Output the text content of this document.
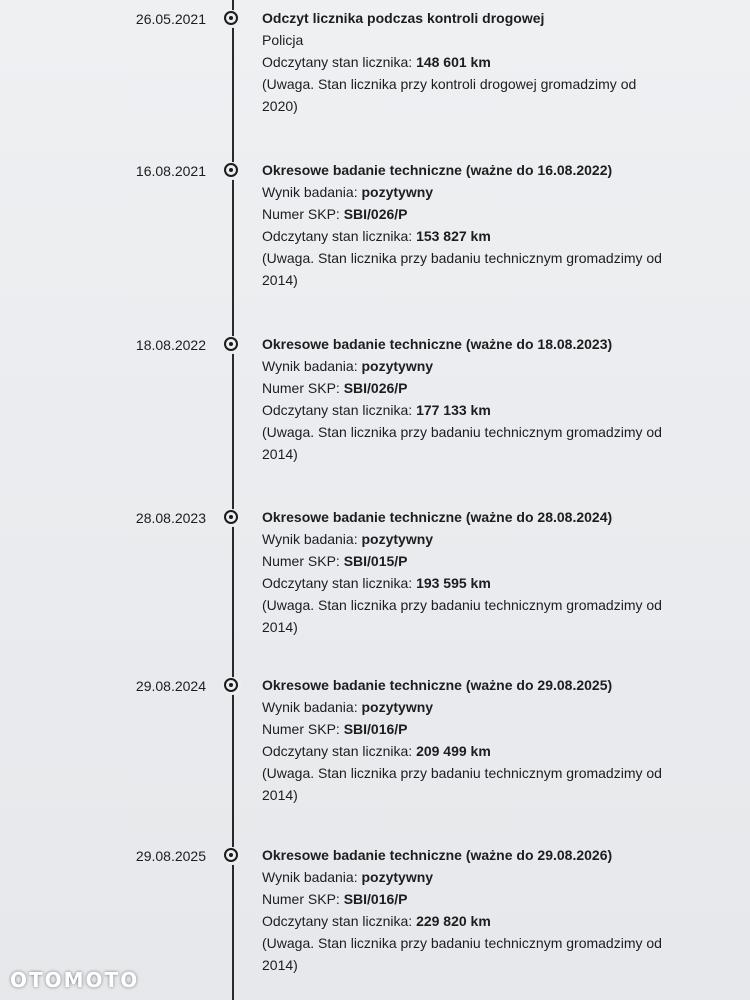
26.05.2021	Odczyt licznika podczas kontroli drogowej
Policja
Odczytany stan licznika: 148 601 km
(Uwaga. Stan licznika przy kontroli drogowej gromadzimy od
2020)
16.08.2021	Okresowe badanie techniczne (ważne do 16.08.2022)
Wynik badania: pozytywny
Numer SKP: SBI/026/P
Odczytany stan licznika: 153 827 km
(Uwaga. Stan licznika przy badaniu technicznym gromadzimy od
2014)
18.08.2022	Okresowe badanie techniczne (ważne do 18.08.2023)
Wynik badania: pozytywny
Numer SKP: SBI/026/P
Odczytany stan licznika: 177 133 km
(Uwaga. Stan licznika przy badaniu technicznym gromadzimy od
2014)
28.08.2023	Okresowe badanie techniczne (ważne do 28.08.2024)
Wynik badania: pozytywny
Numer SKP: SBI/015/P
Odczytany stan licznika: 193 595 km
(Uwaga. Stan licznika przy badaniu technicznym gromadzimy od
2014)
29.08.2024	Okresowe badanie techniczne (ważne do 29.08.2025)
Wynik badania: pozytywny
Numer SKP: SBI/016/P
Odczytany stan licznika: 209 499 km
(Uwaga. Stan licznika przy badaniu technicznym gromadzimy od
2014)
29.08.2025	Okresowe badanie techniczne (ważne do 29.08.2026)
Wynik badania: pozytywny
Numer SKP: SBI/016/P
Odczytany stan licznika: 229 820 km
(Uwaga. Stan licznika przy badaniu technicznym gromadzimy od
2014)
OTOMOTO
